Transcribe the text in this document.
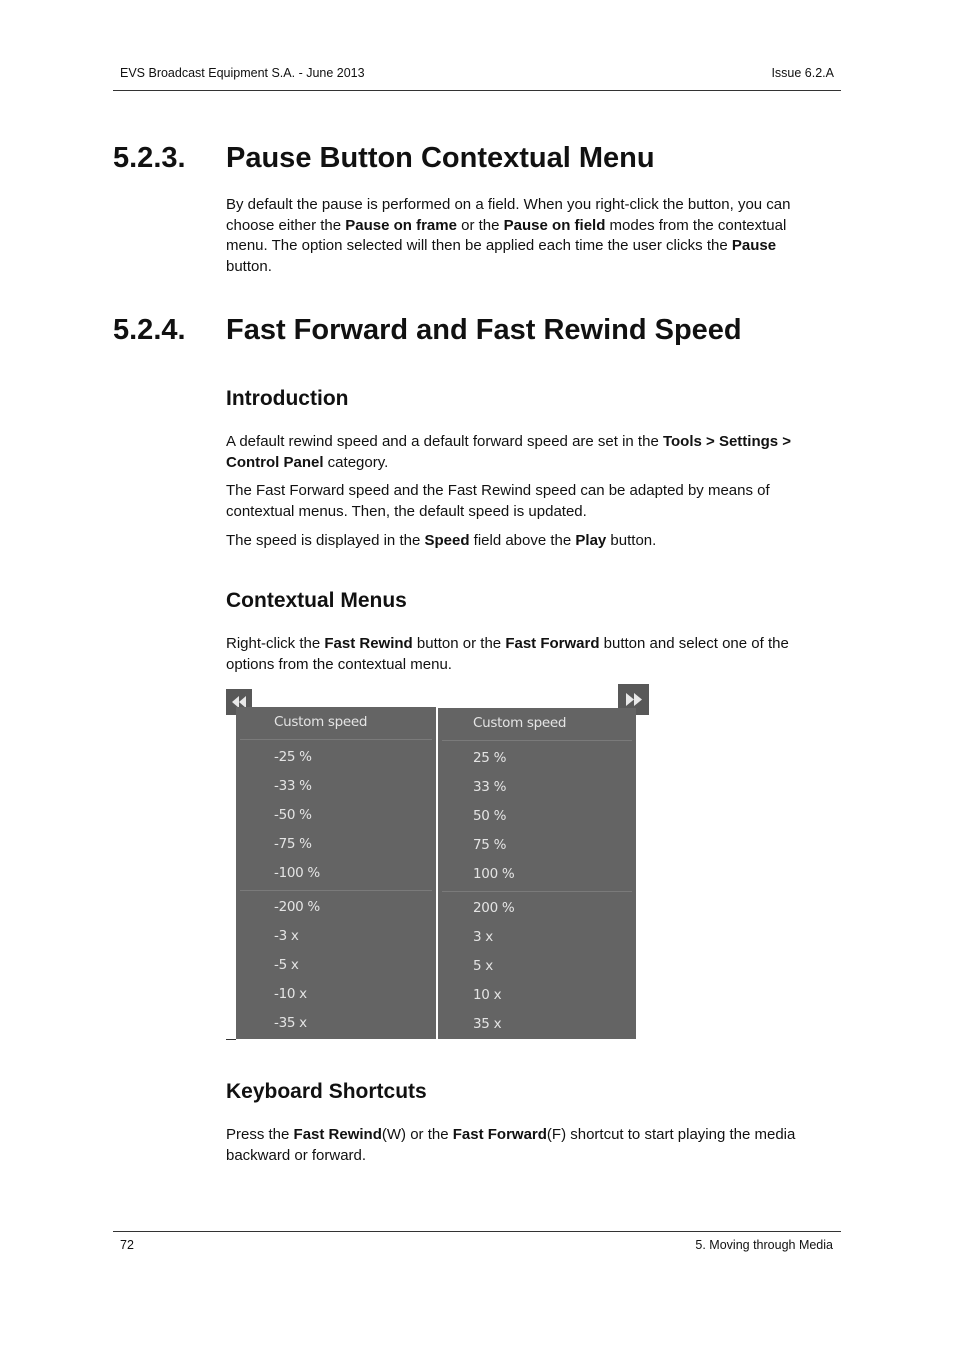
EVS Broadcast Equipment S.A. - June 2013	Issue 6.2.A
5.2.3. Pause Button Contextual Menu
By default the pause is performed on a field. When you right-click the button, you can choose either the Pause on frame or the Pause on field modes from the contextual menu. The option selected will then be applied each time the user clicks the Pause button.
5.2.4. Fast Forward and Fast Rewind Speed
Introduction
A default rewind speed and a default forward speed are set in the Tools > Settings > Control Panel category.
The Fast Forward speed and the Fast Rewind speed can be adapted by means of contextual menus. Then, the default speed is updated.
The speed is displayed in the Speed field above the Play button.
Contextual Menus
Right-click the Fast Rewind button or the Fast Forward button and select one of the options from the contextual menu.
Custom speed
-25 %
-33 %
-50 %
-75 %
-100 %
-200 %
-3 x
-5 x
-10 x
-35 x
Custom speed
25 %
33 %
50 %
75 %
100 %
200 %
3 x
5 x
10 x
35 x
Keyboard Shortcuts
Press the Fast Rewind(W) or the Fast Forward(F) shortcut to start playing the media backward or forward.
72	5. Moving through Media
